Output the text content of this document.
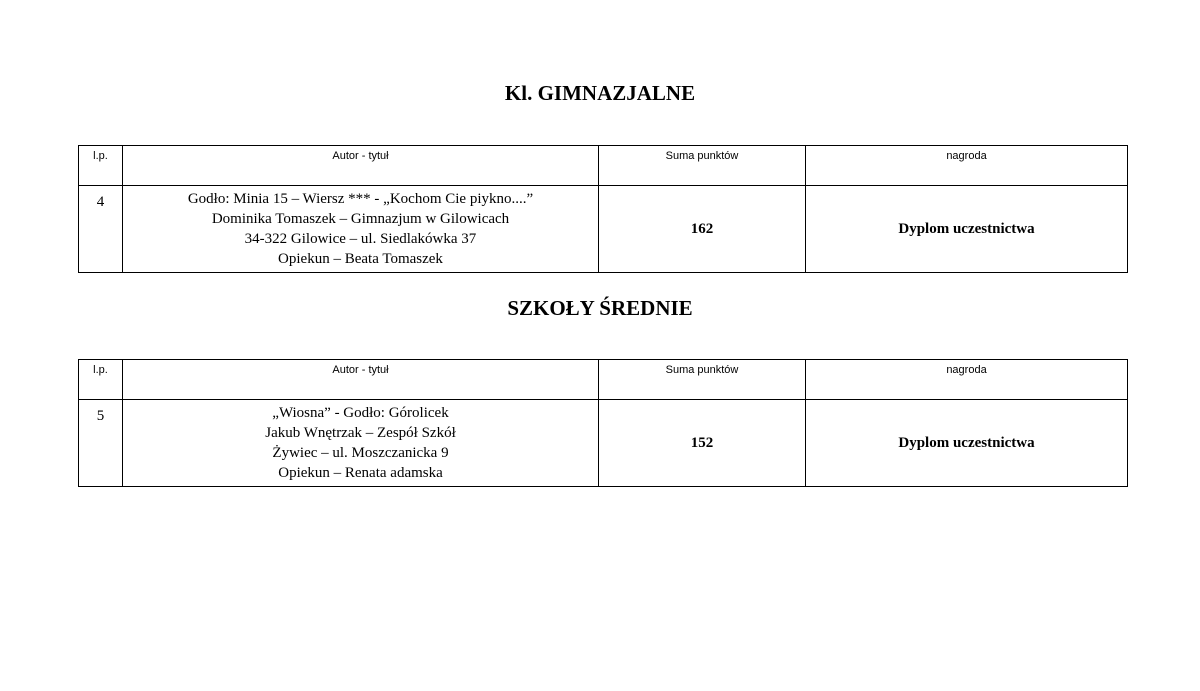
Kl. GIMNAZJALNE
l.p.	Autor - tytuł	Suma punktów	nagroda
4	Godło: Minia 15 – Wiersz *** - „Kochom Cie piykno....”
Dominika Tomaszek – Gimnazjum w Gilowicach
34-322 Gilowice – ul. Siedlakówka 37
Opiekun – Beata Tomaszek	162	Dyplom uczestnictwa
SZKOŁY ŚREDNIE
l.p.	Autor - tytuł	Suma punktów	nagroda
5	„Wiosna” - Godło: Górolicek
Jakub Wnętrzak – Zespół Szkół
Żywiec – ul. Moszczanicka 9
Opiekun – Renata adamska	152	Dyplom uczestnictwa
